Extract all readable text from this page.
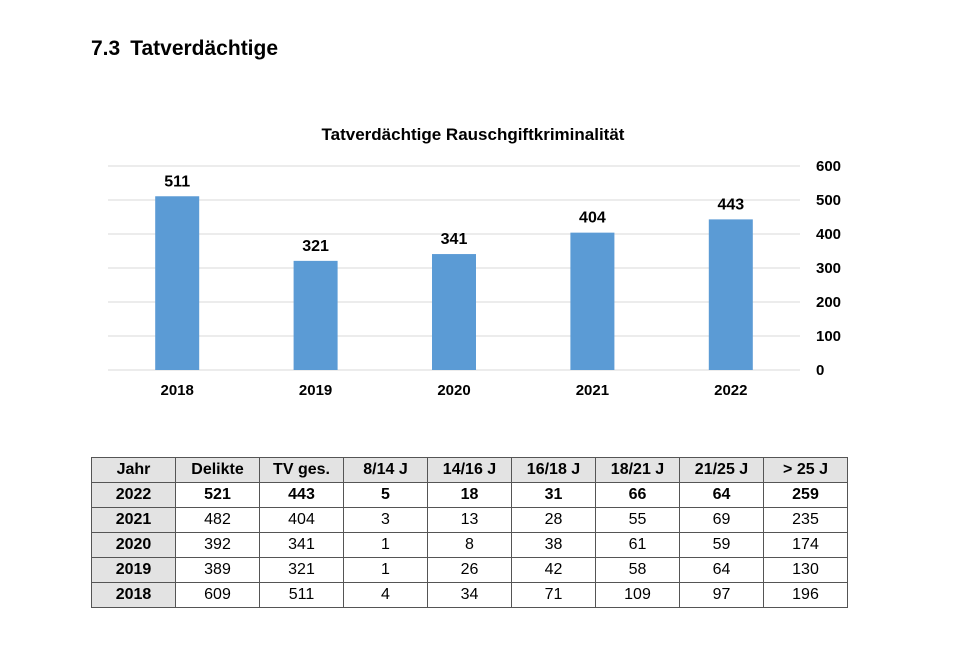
7.3 Tatverdächtige
Tatverdächtige Rauschgiftkriminalität
511
321	341
404
443
2018	2019	2020	2021	2022
0
100
200
300
400
500
600
Jahr	Delikte	TV ges.	8/14 J	14/16 J	16/18 J	18/21 J	21/25 J	> 25 J
2022	521	443	5	18	31	66	64	259
2021	482	404	3	13	28	55	69	235
2020	392	341	1	8	38	61	59	174
2019	389	321	1	26	42	58	64	130
2018	609	511	4	34	71	109	97	196
